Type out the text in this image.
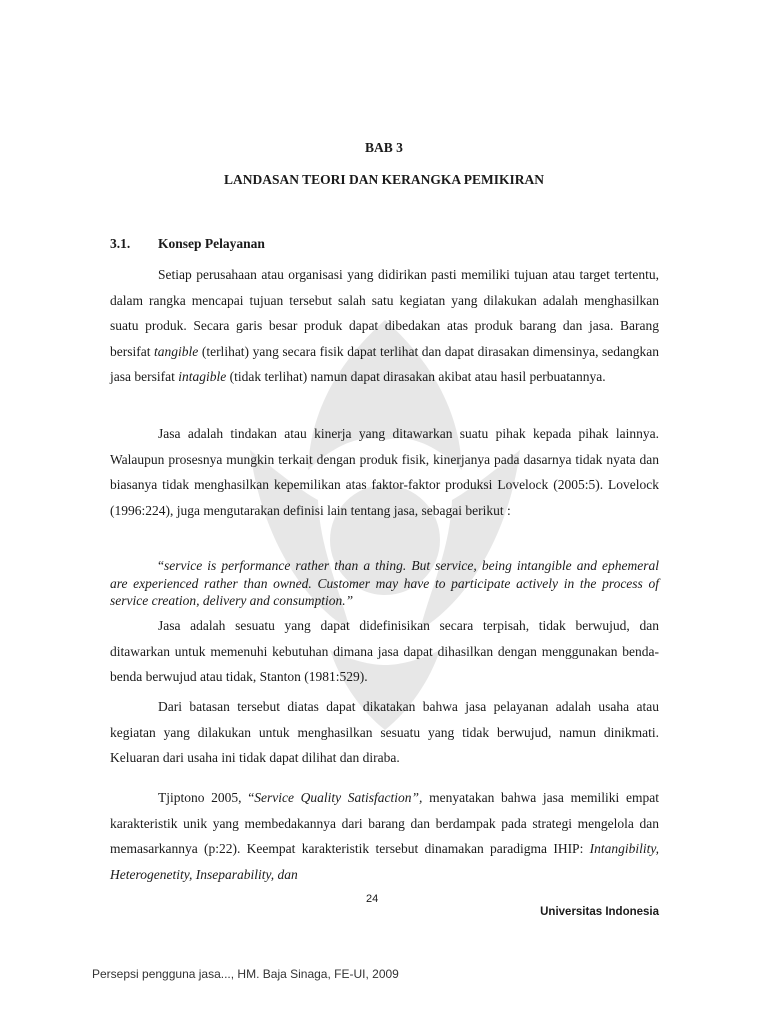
BAB 3
LANDASAN TEORI DAN KERANGKA PEMIKIRAN
3.1. Konsep Pelayanan

Setiap perusahaan atau organisasi yang didirikan pasti memiliki tujuan atau target tertentu, dalam rangka mencapai tujuan tersebut salah satu kegiatan yang dilakukan adalah menghasilkan suatu produk. Secara garis besar produk dapat dibedakan atas produk barang dan jasa. Barang bersifat tangible (terlihat) yang secara fisik dapat terlihat dan dapat dirasakan dimensinya, sedangkan jasa bersifat intagible (tidak terlihat) namun dapat dirasakan akibat atau hasil perbuatannya.

Jasa adalah tindakan atau kinerja yang ditawarkan suatu pihak kepada pihak lainnya. Walaupun prosesnya mungkin terkait dengan produk fisik, kinerjanya pada dasarnya tidak nyata dan biasanya tidak menghasilkan kepemilikan atas faktor-faktor produksi Lovelock (2005:5). Lovelock (1996:224), juga mengutarakan definisi lain tentang jasa, sebagai berikut :

“service is performance rather than a thing. But service, being intangible and ephemeral are experienced rather than owned. Customer may have to participate actively in the process of service creation, delivery and consumption.”

Jasa adalah sesuatu yang dapat didefinisikan secara terpisah, tidak berwujud, dan ditawarkan untuk memenuhi kebutuhan dimana jasa dapat dihasilkan dengan menggunakan benda-benda berwujud atau tidak, Stanton (1981:529).

Dari batasan tersebut diatas dapat dikatakan bahwa jasa pelayanan adalah usaha atau kegiatan yang dilakukan untuk menghasilkan sesuatu yang tidak berwujud, namun dinikmati. Keluaran dari usaha ini tidak dapat dilihat dan diraba.

Tjiptono 2005, “Service Quality Satisfaction”, menyatakan bahwa jasa memiliki empat karakteristik unik yang membedakannya dari barang dan berdampak pada strategi mengelola dan memasarkannya (p:22). Keempat karakteristik tersebut dinamakan paradigma IHIP: Intangibility, Heterogenetity, Inseparability, dan

24
Universitas Indonesia
Persepsi pengguna jasa..., HM. Baja Sinaga, FE-UI, 2009
